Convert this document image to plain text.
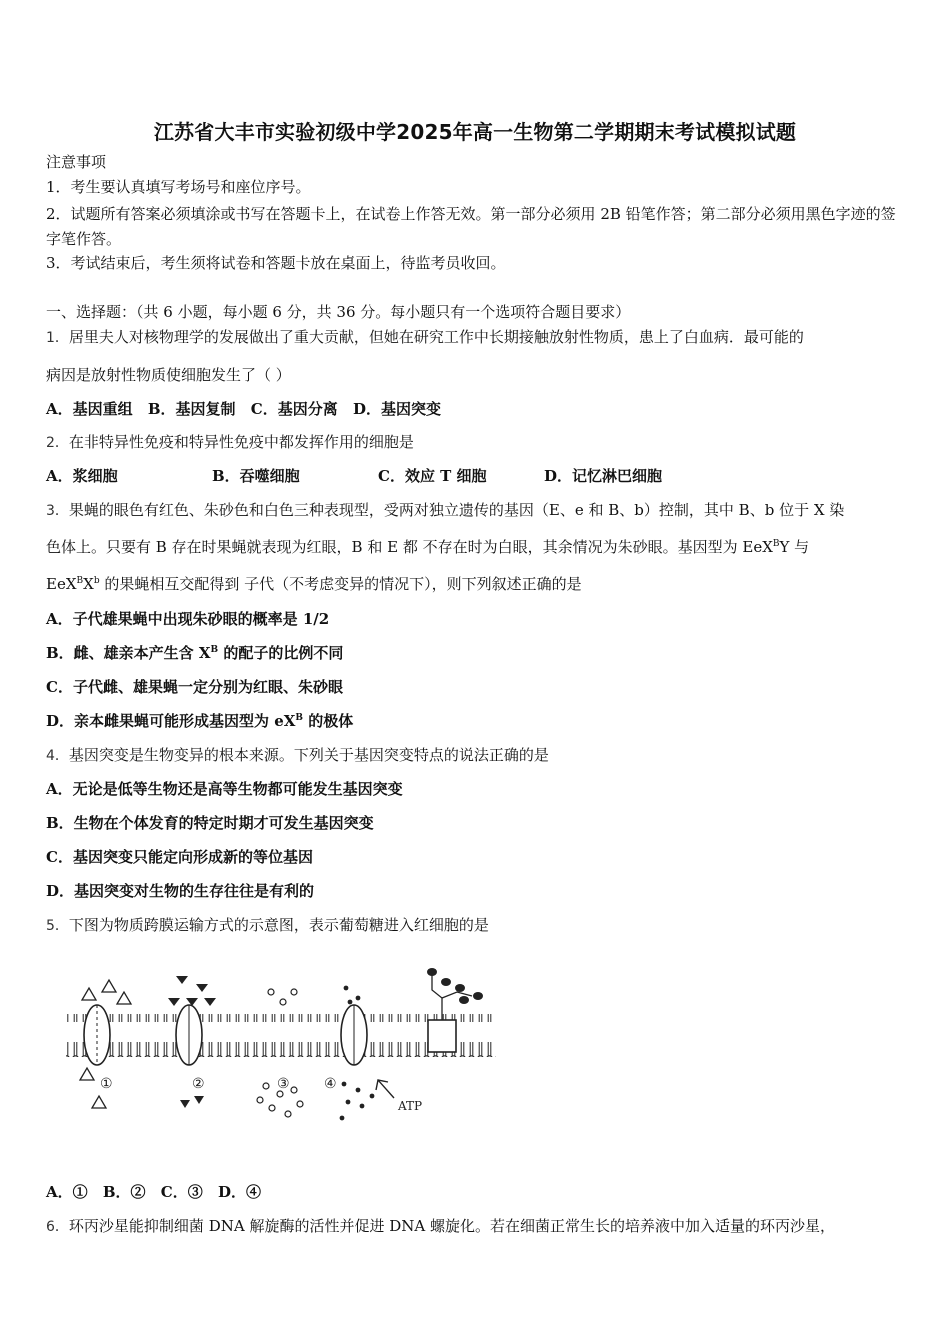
江苏省大丰市实验初级中学2025年高一生物第二学期期末考试模拟试题
注意事项
1．考生要认真填写考场号和座位序号。
2．试题所有答案必须填涂或书写在答题卡上，在试卷上作答无效。第一部分必须用 2B 铅笔作答；第二部分必须用黑色字迹的签字笔作答。
3．考试结束后，考生须将试卷和答题卡放在桌面上，待监考员收回。
一、选择题：（共 6 小题，每小题 6 分，共 36 分。每小题只有一个选项符合题目要求）
1．居里夫人对核物理学的发展做出了重大贡献，但她在研究工作中长期接触放射性物质，患上了白血病．最可能的
病因是放射性物质使细胞发生了（ ）
A．基因重组 B．基因复制 C．基因分离 D．基因突变
2．在非特异性免疫和特异性免疫中都发挥作用的细胞是
A．浆细胞	B．吞噬细胞	C．效应 T 细胞	D．记忆淋巴细胞
3．果蝇的眼色有红色、朱砂色和白色三种表现型，受两对独立遗传的基因（E、e 和 B、b）控制，其中 B、b 位于 X 染
色体上。只要有 B 存在时果蝇就表现为红眼，B 和 E 都 不存在时为白眼，其余情况为朱砂眼。基因型为 EeX$^B$Y 与
$EeX^BX^b$ 的果蝇相互交配得到 子代（不考虑变异的情况下），则下列叙述正确的是
A．子代雄果蝇中出现朱砂眼的概率是 1/2
B．雌、雄亲本产生含 $X^B$ 的配子的比例不同
C．子代雌、雄果蝇一定分别为红眼、朱砂眼
D．亲本雌果蝇可能形成基因型为 $eX^B$ 的极体
4．基因突变是生物变异的根本来源。下列关于基因突变特点的说法正确的是
A．无论是低等生物还是高等生物都可能发生基因突变
B．生物在个体发育的特定时期才可发生基因突变
C．基因突变只能定向形成新的等位基因
D．基因突变对生物的生存往往是有利的
5．下图为物质跨膜运输方式的示意图，表示葡萄糖进入红细胞的是
①	②	③ ④
ATP
A．① B．② C．③ D．④
6．环丙沙星能抑制细菌 DNA 解旋酶的活性并促进 DNA 螺旋化。若在细菌正常生长的培养液中加入适量的环丙沙星，
